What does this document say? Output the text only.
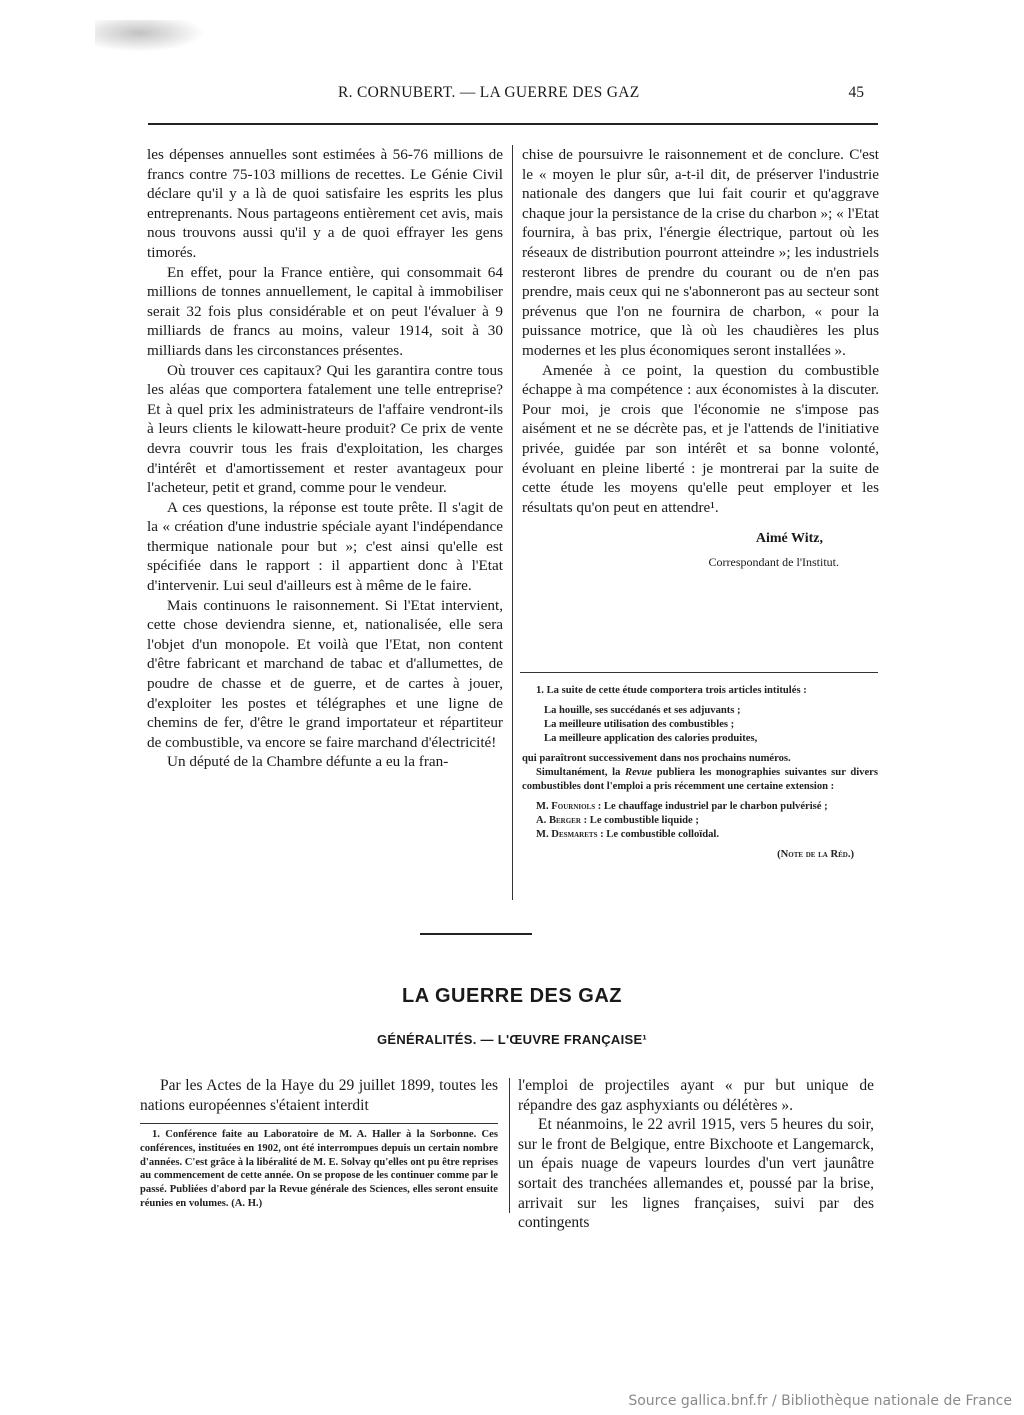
R. CORNUBERT. — LA GUERRE DES GAZ	45

les dépenses annuelles sont estimées à 56-76 millions de francs contre 75-103 millions de recettes. Le Génie Civil déclare qu'il y a là de quoi satisfaire les esprits les plus entreprenants. Nous partageons entièrement cet avis, mais nous trouvons aussi qu'il y a de quoi effrayer les gens timorés.

En effet, pour la France entière, qui consommait 64 millions de tonnes annuellement, le capital à immobiliser serait 32 fois plus considérable et on peut l'évaluer à 9 milliards de francs au moins, valeur 1914, soit à 30 milliards dans les circonstances présentes.

Où trouver ces capitaux? Qui les garantira contre tous les aléas que comportera fatalement une telle entreprise? Et à quel prix les administrateurs de l'affaire vendront-ils à leurs clients le kilowatt-heure produit? Ce prix de vente devra couvrir tous les frais d'exploitation, les charges d'intérêt et d'amortissement et rester avantageux pour l'acheteur, petit et grand, comme pour le vendeur.

A ces questions, la réponse est toute prête. Il s'agit de la « création d'une industrie spéciale ayant l'indépendance thermique nationale pour but »; c'est ainsi qu'elle est spécifiée dans le rapport : il appartient donc à l'Etat d'intervenir. Lui seul d'ailleurs est à même de le faire.

Mais continuons le raisonnement. Si l'Etat intervient, cette chose deviendra sienne, et, nationalisée, elle sera l'objet d'un monopole. Et voilà que l'Etat, non content d'être fabricant et marchand de tabac et d'allumettes, de poudre de chasse et de guerre, et de cartes à jouer, d'exploiter les postes et télégraphes et une ligne de chemins de fer, d'être le grand importateur et répartiteur de combustible, va encore se faire marchand d'électricité!

Un député de la Chambre défunte a eu la fran-

chise de poursuivre le raisonnement et de conclure. C'est le « moyen le plur sûr, a-t-il dit, de préserver l'industrie nationale des dangers que lui fait courir et qu'aggrave chaque jour la persistance de la crise du charbon »; « l'Etat fournira, à bas prix, l'énergie électrique, partout où les réseaux de distribution pourront atteindre »; les industriels resteront libres de prendre du courant ou de n'en pas prendre, mais ceux qui ne s'abonneront pas au secteur sont prévenus que l'on ne fournira de charbon, « pour la puissance motrice, que là où les chaudières les plus modernes et les plus économiques seront installées ».

Amenée à ce point, la question du combustible échappe à ma compétence : aux économistes à la discuter. Pour moi, je crois que l'économie ne s'impose pas aisément et ne se décrète pas, et je l'attends de l'initiative privée, guidée par son intérêt et sa bonne volonté, évoluant en pleine liberté : je montrerai par la suite de cette étude les moyens qu'elle peut employer et les résultats qu'on peut en attendre¹.

Aimé Witz,
Correspondant de l'Institut.

1. La suite de cette étude comportera trois articles intitulés :

La houille, ses succédanés et ses adjuvants ;

La meilleure utilisation des combustibles ;

La meilleure application des calories produites,

qui paraîtront successivement dans nos prochains numéros.

Simultanément, la Revue publiera les monographies suivantes sur divers combustibles dont l'emploi a pris récemment une certaine extension :

M. Fourniols : Le chauffage industriel par le charbon pulvérisé ;

A. Berger : Le combustible liquide ;

M. Desmarets : Le combustible colloïdal.

(Note de la Réd.)

LA GUERRE DES GAZ
GÉNÉRALITÉS. — L'ŒUVRE FRANÇAISE¹

Par les Actes de la Haye du 29 juillet 1899, toutes les nations européennes s'étaient interdit

1. Conférence faite au Laboratoire de M. A. Haller à la Sorbonne. Ces conférences, instituées en 1902, ont été interrompues depuis un certain nombre d'années. C'est grâce à la libéralité de M. E. Solvay qu'elles ont pu être reprises au commencement de cette année. On se propose de les continuer comme par le passé. Publiées d'abord par la Revue générale des Sciences, elles seront ensuite réunies en volumes. (A. H.)

l'emploi de projectiles ayant « pur but unique de répandre des gaz asphyxiants ou délétères ».

Et néanmoins, le 22 avril 1915, vers 5 heures du soir, sur le front de Belgique, entre Bixchoote et Langemarck, un épais nuage de vapeurs lourdes d'un vert jaunâtre sortait des tranchées allemandes et, poussé par la brise, arrivait sur les lignes françaises, suivi par des contingents

Source gallica.bnf.fr / Bibliothèque nationale de France
